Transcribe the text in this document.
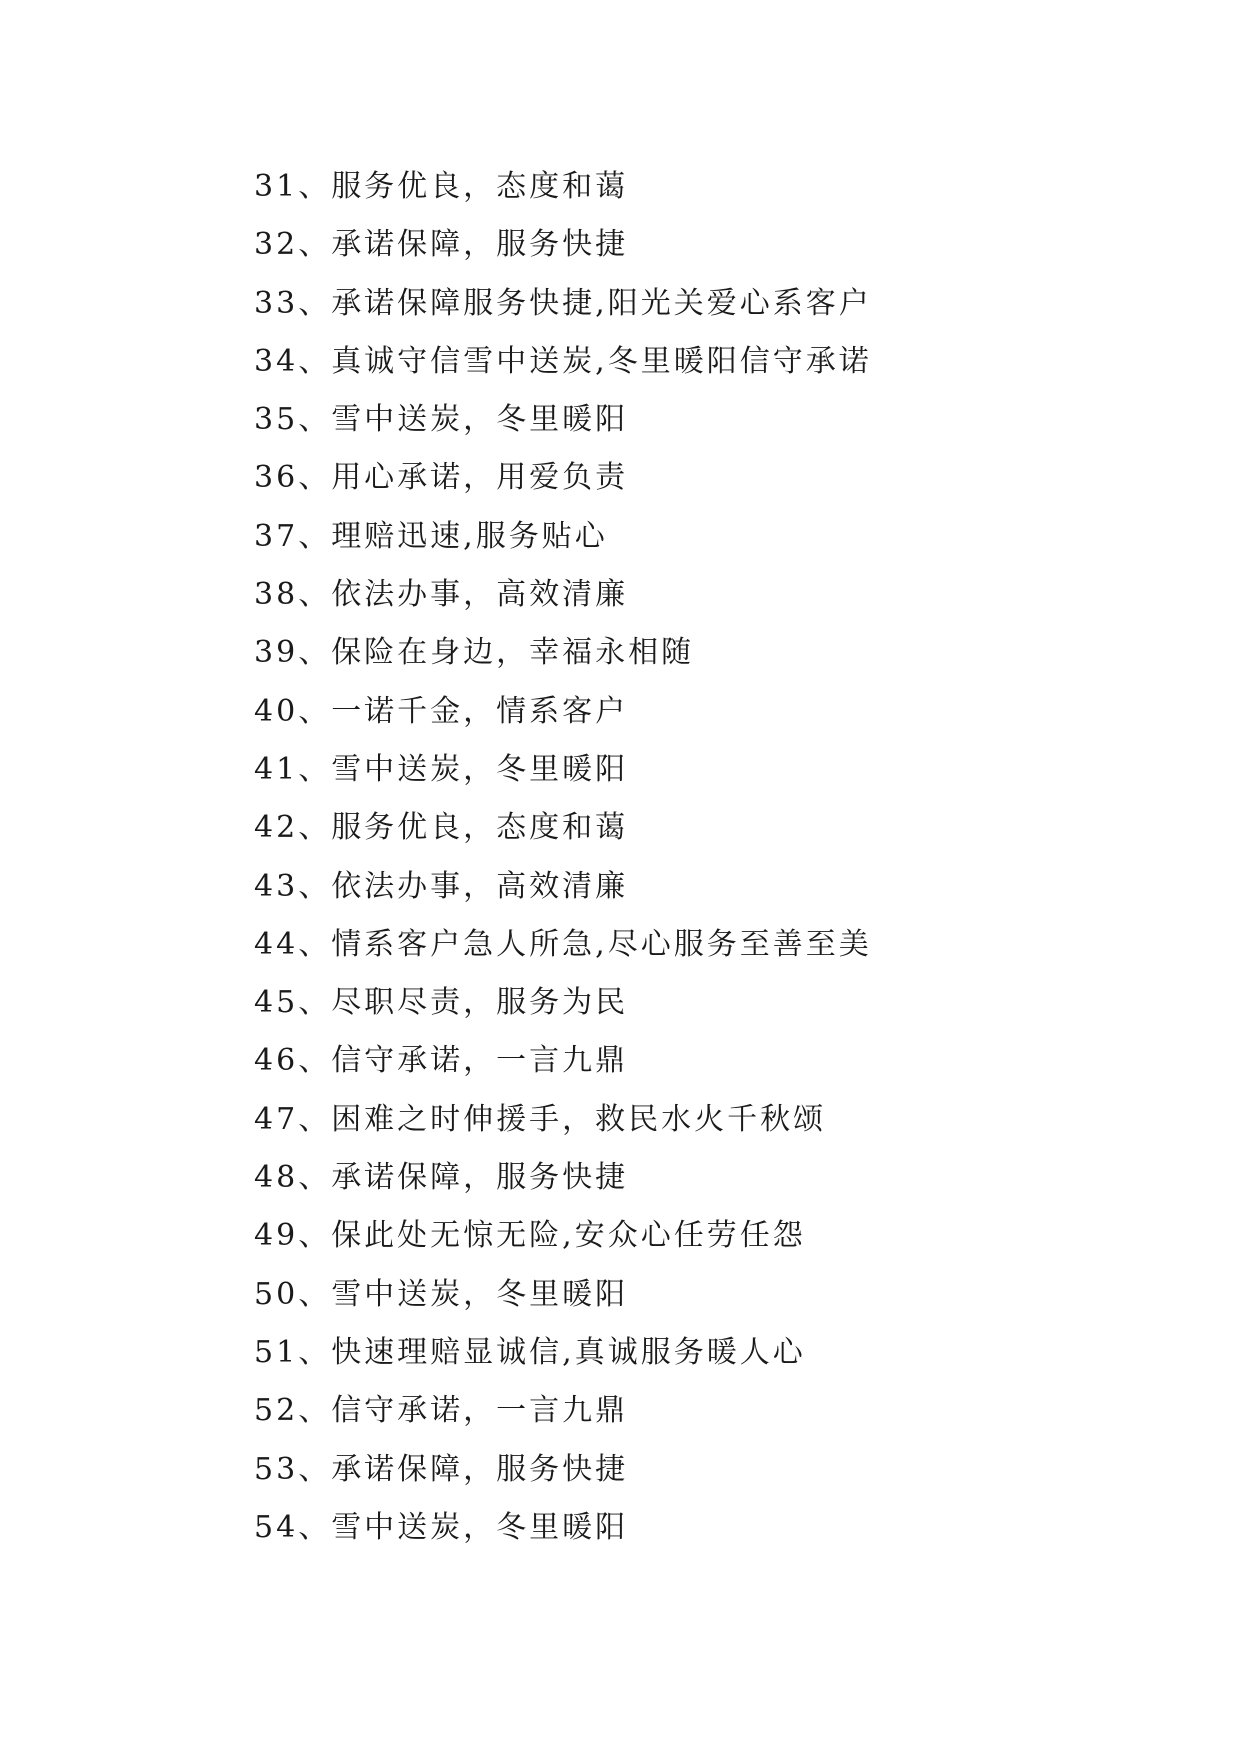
31、服务优良，态度和蔼
32、承诺保障，服务快捷
33、承诺保障服务快捷,阳光关爱心系客户
34、真诚守信雪中送炭,冬里暖阳信守承诺
35、雪中送炭，冬里暖阳
36、用心承诺，用爱负责
37、理赔迅速,服务贴心
38、依法办事，高效清廉
39、保险在身边，幸福永相随
40、一诺千金，情系客户
41、雪中送炭，冬里暖阳
42、服务优良，态度和蔼
43、依法办事，高效清廉
44、情系客户急人所急,尽心服务至善至美
45、尽职尽责，服务为民
46、信守承诺，一言九鼎
47、困难之时伸援手，救民水火千秋颂
48、承诺保障，服务快捷
49、保此处无惊无险,安众心任劳任怨
50、雪中送炭，冬里暖阳
51、快速理赔显诚信,真诚服务暖人心
52、信守承诺，一言九鼎
53、承诺保障，服务快捷
54、雪中送炭，冬里暖阳
